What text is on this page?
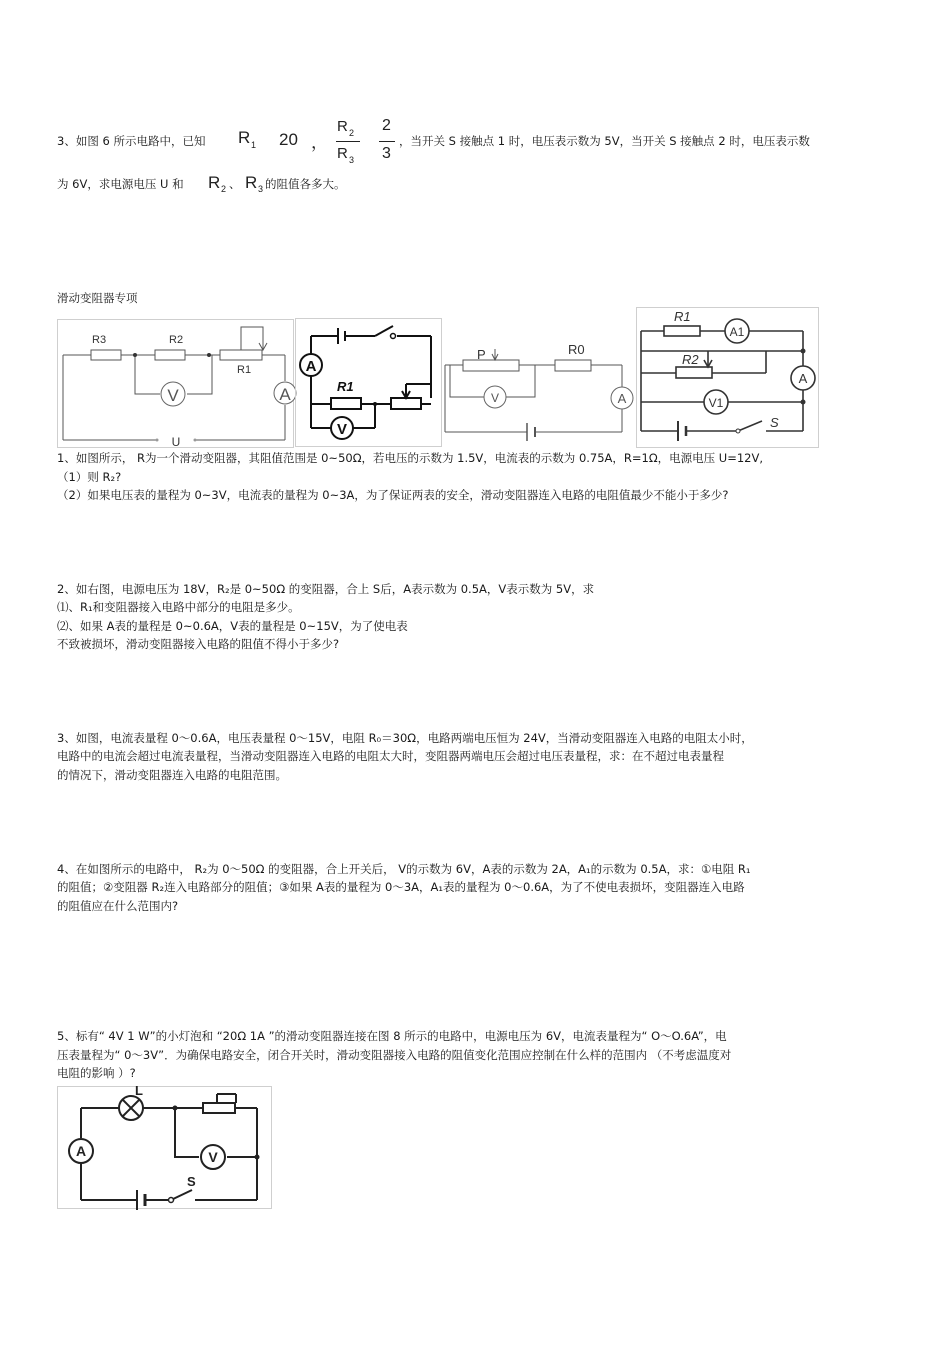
3、如图 6 所示电路中，已知 R 1 20 ，
R 2
R 3
2
3
，当开关 S 接触点 1 时，电压表示数为 5V，当开关 S 接触点 2 时，电压表示数
为 6V，求电源电压 U 和 R 2 、 R 3 的阻值各多大。
滑动变阻器专项
R3	R2
R1
V	A
U
A
R1
V
P	R0
V	A
R1
A1
R2
A
V1
S
1、如图所示， R为一个滑动变阻器，其阻值范围是 0~50Ω，若电压的示数为 1.5V，电流表的示数为 0.75A，R=1Ω，电源电压 U=12V,
（1）则 R₂?
（2）如果电压表的量程为 0~3V，电流表的量程为 0~3A，为了保证两表的安全，滑动变阻器连入电路的电阻值最少不能小于多少?
2、如右图，电源电压为 18V，R₂是 0~50Ω 的变阻器，合上 S后，A表示数为 0.5A，V表示数为 5V，求
⑴、R₁和变阻器接入电路中部分的电阻是多少。
⑵、如果 A表的量程是 0~0.6A，V表的量程是 0~15V，为了使电表
不致被损坏，滑动变阻器接入电路的阻值不得小于多少?
3、如图，电流表量程 0～0.6A，电压表量程 0～15V，电阻 R₀＝30Ω，电路两端电压恒为 24V，当滑动变阻器连入电路的电阻太小时，
电路中的电流会超过电流表量程，当滑动变阻器连入电路的电阻太大时，变阻器两端电压会超过电压表量程，求：在不超过电表量程
的情况下，滑动变阻器连入电路的电阻范围。
4、在如图所示的电路中， R₂为 0～50Ω 的变阻器，合上开关后， V的示数为 6V，A表的示数为 2A，A₁的示数为 0.5A，求：①电阻 R₁
的阻值；②变阻器 R₂连入电路部分的阻值；③如果 A表的量程为 0～3A，A₁表的量程为 0～0.6A，为了不使电表损坏，变阻器连入电路
的阻值应在什么范围内?
5、标有“ 4V 1 W”的小灯泡和 “20Ω 1A ”的滑动变阻器连接在图 8 所示的电路中，电源电压为 6V，电流表量程为“ O～O.6A”，电
压表量程为“ 0～3V”．为确保电路安全，闭合开关时，滑动变阻器接入电路的阻值变化范围应控制在什么样的范围内 （不考虑温度对
电阻的影响 ）?
L
A	V
S
